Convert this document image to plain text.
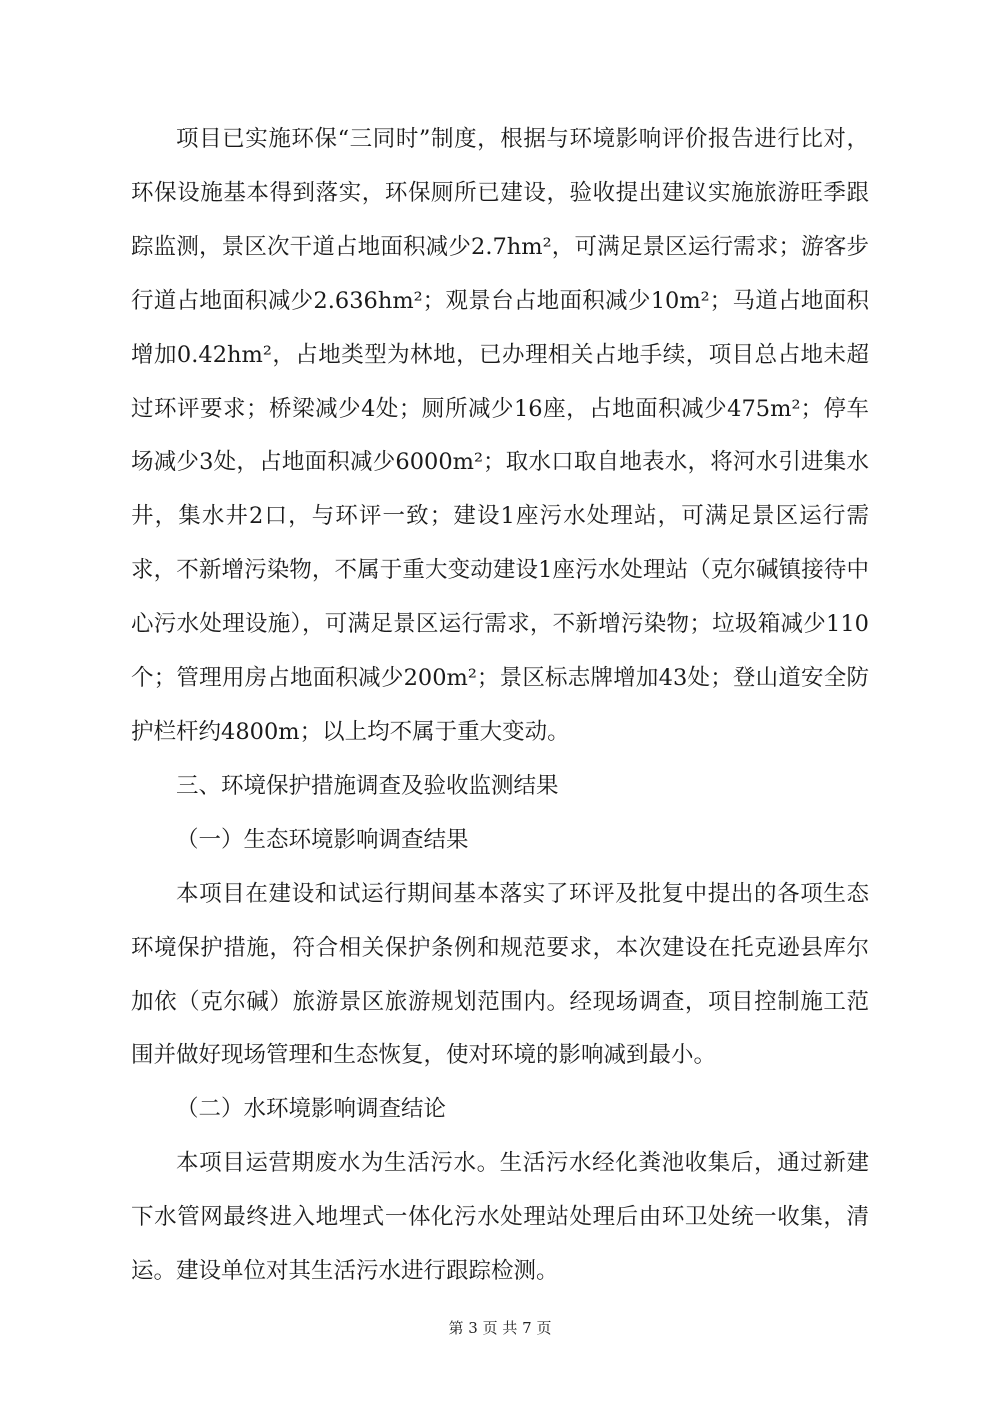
项目已实施环保“三同时”制度，根据与环境影响评价报告进行比对，环保设施基本得到落实，环保厕所已建设，验收提出建议实施旅游旺季跟踪监测，景区次干道占地面积减少2.7hm²，可满足景区运行需求；游客步行道占地面积减少2.636hm²；观景台占地面积减少10m²；马道占地面积增加0.42hm²，占地类型为林地，已办理相关占地手续，项目总占地未超过环评要求；桥梁减少4处；厕所减少16座，占地面积减少475m²；停车场减少3处，占地面积减少6000m²；取水口取自地表水，将河水引进集水井，集水井2口，与环评一致；建设1座污水处理站，可满足景区运行需求，不新增污染物，不属于重大变动建设1座污水处理站（克尔碱镇接待中心污水处理设施），可满足景区运行需求，不新增污染物；垃圾箱减少110个；管理用房占地面积减少200m²；景区标志牌增加43处；登山道安全防护栏杆约4800m；以上均不属于重大变动。

三、环境保护措施调查及验收监测结果

（一）生态环境影响调查结果

本项目在建设和试运行期间基本落实了环评及批复中提出的各项生态环境保护措施，符合相关保护条例和规范要求，本次建设在托克逊县库尔加依（克尔碱）旅游景区旅游规划范围内。经现场调查，项目控制施工范围并做好现场管理和生态恢复，使对环境的影响减到最小。

（二）水环境影响调查结论

本项目运营期废水为生活污水。生活污水经化粪池收集后，通过新建下水管网最终进入地埋式一体化污水处理站处理后由环卫处统一收集，清运。建设单位对其生活污水进行跟踪检测。

第 3 页 共 7 页
